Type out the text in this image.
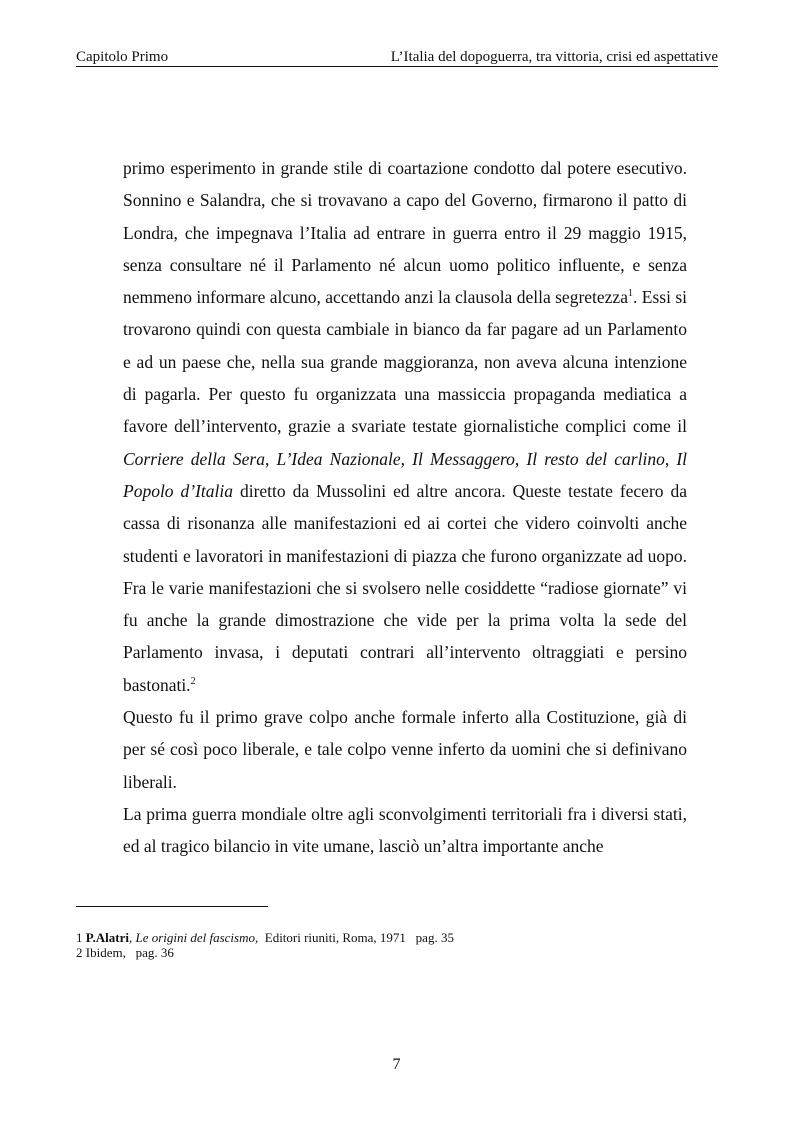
Capitolo Primo	L’Italia del dopoguerra, tra vittoria, crisi ed aspettative

primo esperimento in grande stile di coartazione condotto dal potere esecutivo. Sonnino e Salandra, che si trovavano a capo del Governo, firmarono il patto di Londra, che impegnava l’Italia ad entrare in guerra entro il 29 maggio 1915, senza consultare né il Parlamento né alcun uomo politico influente, e senza nemmeno informare alcuno, accettando anzi la clausola della segretezza$^1$. Essi si trovarono quindi con questa cambiale in bianco da far pagare ad un Parlamento e ad un paese che, nella sua grande maggioranza, non aveva alcuna intenzione di pagarla. Per questo fu organizzata una massiccia propaganda mediatica a favore dell’intervento, grazie a svariate testate giornalistiche complici come il Corriere della Sera, L’Idea Nazionale, Il Messaggero, Il resto del carlino, Il Popolo d’Italia diretto da Mussolini ed altre ancora. Queste testate fecero da cassa di risonanza alle manifestazioni ed ai cortei che videro coinvolti anche studenti e lavoratori in manifestazioni di piazza che furono organizzate ad uopo. Fra le varie manifestazioni che si svolsero nelle cosiddette “radiose giornate” vi fu anche la grande dimostrazione che vide per la prima volta la sede del Parlamento invasa, i deputati contrari all’intervento oltraggiati e persino bastonati.$^2$

Questo fu il primo grave colpo anche formale inferto alla Costituzione, già di per sé così poco liberale, e tale colpo venne inferto da uomini che si definivano liberali.

La prima guerra mondiale oltre agli sconvolgimenti territoriali fra i diversi stati, ed al tragico bilancio in vite umane, lasciò un’altra importante anche

1 P.Alatri, Le origini del fascismo,  Editori riuniti, Roma, 1971   pag. 35
2 Ibidem,   pag. 36
7
